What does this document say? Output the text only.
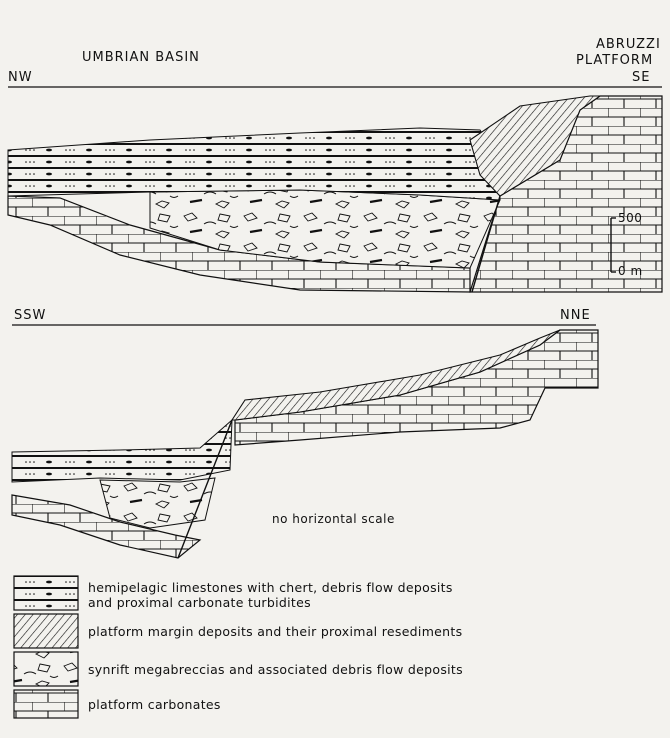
UMBRIAN BASIN
ABRUZZI
PLATFORM
NW	SE
500
0 m
SSW	NNE
no horizontal scale
hemipelagic limestones with chert, debris flow deposits
and proximal carbonate turbidites
platform margin deposits and their proximal resediments
synrift megabreccias and associated debris flow deposits
platform carbonates
